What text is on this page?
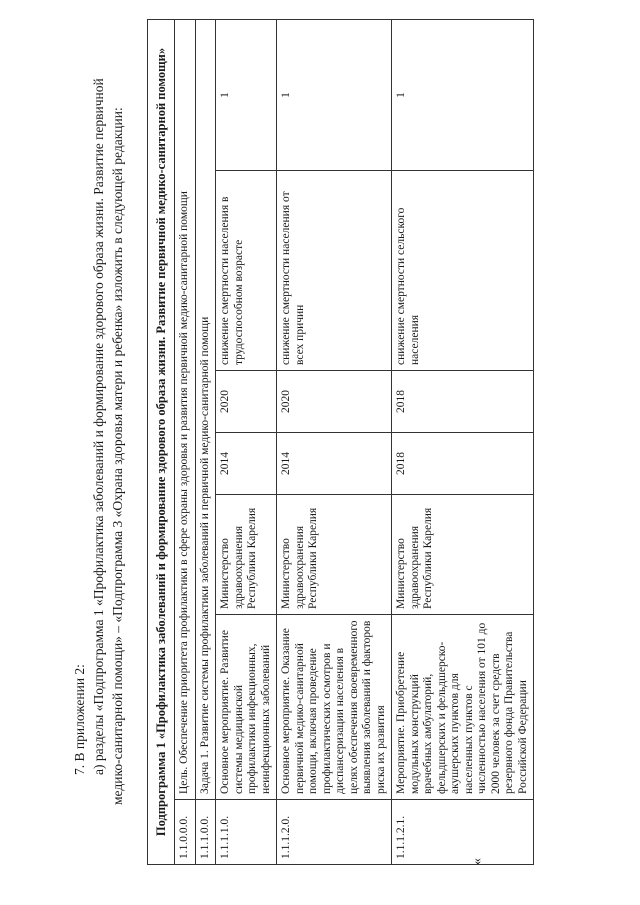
7. В приложении 2: а) разделы «Подпрограмма 1 «Профилактика заболеваний и формирование здорового образа жизни. Развитие первичной медико-санитарной помощи» – «Подпрограмма 3 «Охрана здоровья матери и ребенка» изложить в следующей редакции:
«
Подпрограмма 1 «Профилактика заболеваний и формирование здорового образа жизни. Развитие первичной медико-санитарной помощи»						
1.1.0.0.0.	Цель. Обеспечение приоритета профилактики в сфере охраны здоровья и развития первичной медико-санитарной помощи					
1.1.1.0.0.	Задача 1. Развитие системы профилактики заболеваний и первичной медико-санитарной помощи					
1.1.1.1.0.	Основное мероприятие. Развитие системы медицинской профилактики инфекционных, неинфекционных заболеваний	Министерство здравоохранения Республики Карелия	2014	2020	снижение смертности населения в трудоспособном возрасте	1
1.1.1.2.0.	Основное мероприятие. Оказание первичной медико-санитарной помощи, включая проведение профилактических осмотров и диспансеризации населения в целях обеспечения своевременного выявления заболеваний и факторов риска их развития	Министерство здравоохранения Республики Карелия	2014	2020	снижение смертности населения от всех причин	1
1.1.1.2.1.	Мероприятие. Приобретение модульных конструкций врачебных амбулаторий, фельдшерских и фельдшерско-акушерских пунктов для населенных пунктов с численностью населения от 101 до 2000 человек за счет средств резервного фонда Правительства Российской Федерации	Министерство здравоохранения Республики Карелия	2018	2018	снижение смертности сельского населения	1
